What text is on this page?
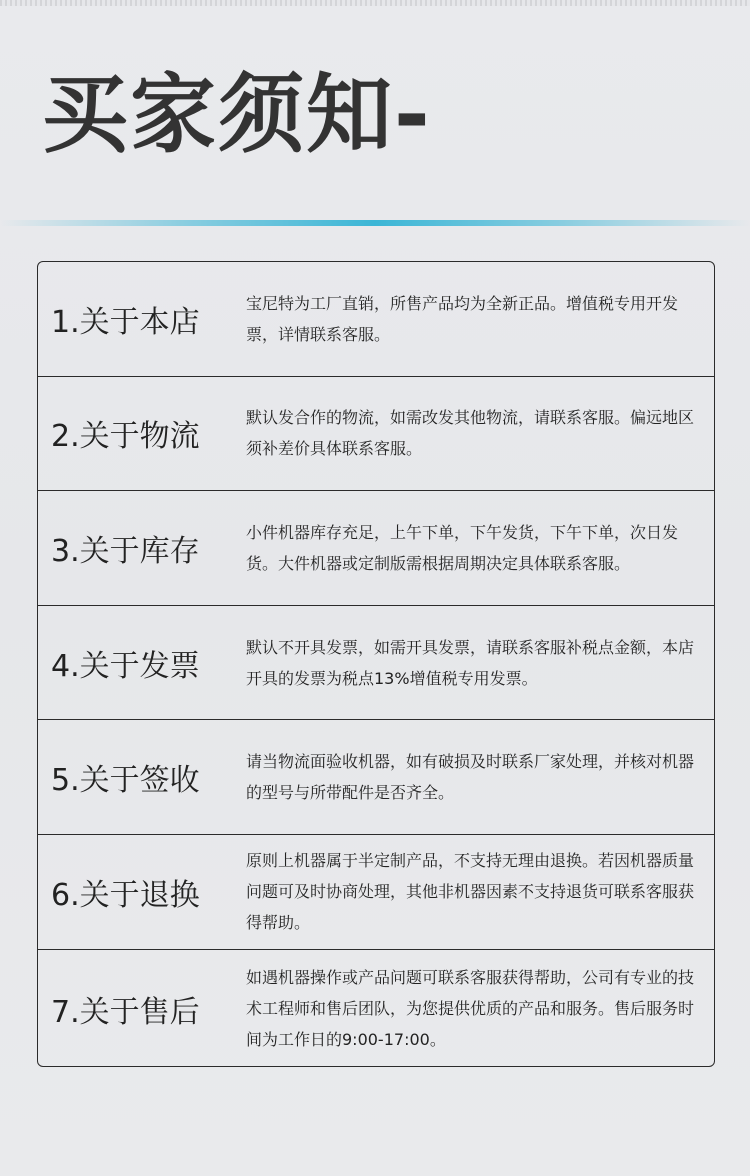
买家须知-
1.关于本店
宝尼特为工厂直销，所售产品均为全新正品。增值税专用开发票，详情联系客服。
2.关于物流
默认发合作的物流，如需改发其他物流，请联系客服。偏远地区须补差价具体联系客服。
3.关于库存
小件机器库存充足，上午下单，下午发货，下午下单，次日发货。大件机器或定制版需根据周期决定具体联系客服。
4.关于发票
默认不开具发票，如需开具发票，请联系客服补税点金额，本店开具的发票为税点13%增值税专用发票。
5.关于签收
请当物流面验收机器，如有破损及时联系厂家处理，并核对机器的型号与所带配件是否齐全。
6.关于退换
原则上机器属于半定制产品，不支持无理由退换。若因机器质量问题可及时协商处理，其他非机器因素不支持退货可联系客服获得帮助。
7.关于售后
如遇机器操作或产品问题可联系客服获得帮助，公司有专业的技术工程师和售后团队，为您提供优质的产品和服务。售后服务时间为工作日的9:00-17:00。
